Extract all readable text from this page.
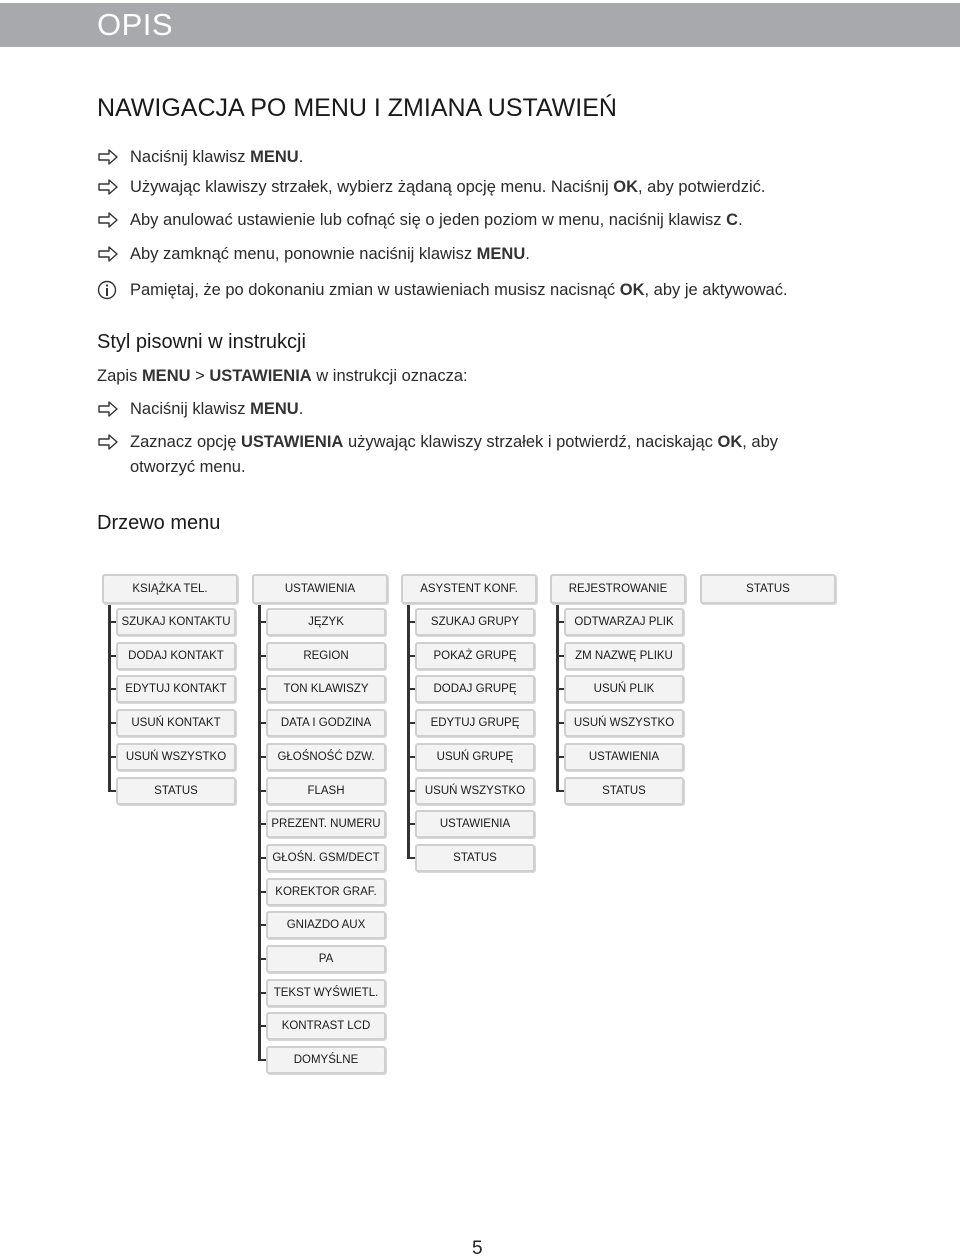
OPIS
NAWIGACJA PO MENU I ZMIANA USTAWIEŃ
Naciśnij klawisz MENU.
Używając klawiszy strzałek, wybierz żądaną opcję menu. Naciśnij OK, aby potwierdzić.
Aby anulować ustawienie lub cofnąć się o jeden poziom w menu, naciśnij klawisz C.
Aby zamknąć menu, ponownie naciśnij klawisz MENU.
Pamiętaj, że po dokonaniu zmian w ustawieniach musisz nacisnąć OK, aby je aktywować.
Styl pisowni w instrukcji
Zapis MENU > USTAWIENIA w instrukcji oznacza:
Naciśnij klawisz MENU.
Zaznacz opcję USTAWIENIA używając klawiszy strzałek i potwierdź, naciskając OK, aby
otworzyć menu.
Drzewo menu
SZUKAJ KONTAKTU
DODAJ KONTAKT
EDYTUJ KONTAKT
USUŃ KONTAKT
USUŃ WSZYSTKO
STATUS
KSIĄŻKA TEL.
JĘZYK
REGION
TON KLAWISZY
DATA I GODZINA
GŁOŚNOŚĆ DZW.
FLASH
PREZENT. NUMERU
GŁOŚN. GSM/DECT
KOREKTOR GRAF.
GNIAZDO AUX
PA
TEKST WYŚWIETL.
KONTRAST LCD
DOMYŚLNE
USTAWIENIA
SZUKAJ GRUPY
POKAŻ GRUPĘ
DODAJ GRUPĘ
EDYTUJ GRUPĘ
USUŃ GRUPĘ
USUŃ WSZYSTKO
USTAWIENIA
STATUS
ASYSTENT KONF.
ODTWARZAJ PLIK
ZM NAZWĘ PLIKU
USUŃ PLIK
USUŃ WSZYSTKO
USTAWIENIA
STATUS
REJESTROWANIE	STATUS
5
